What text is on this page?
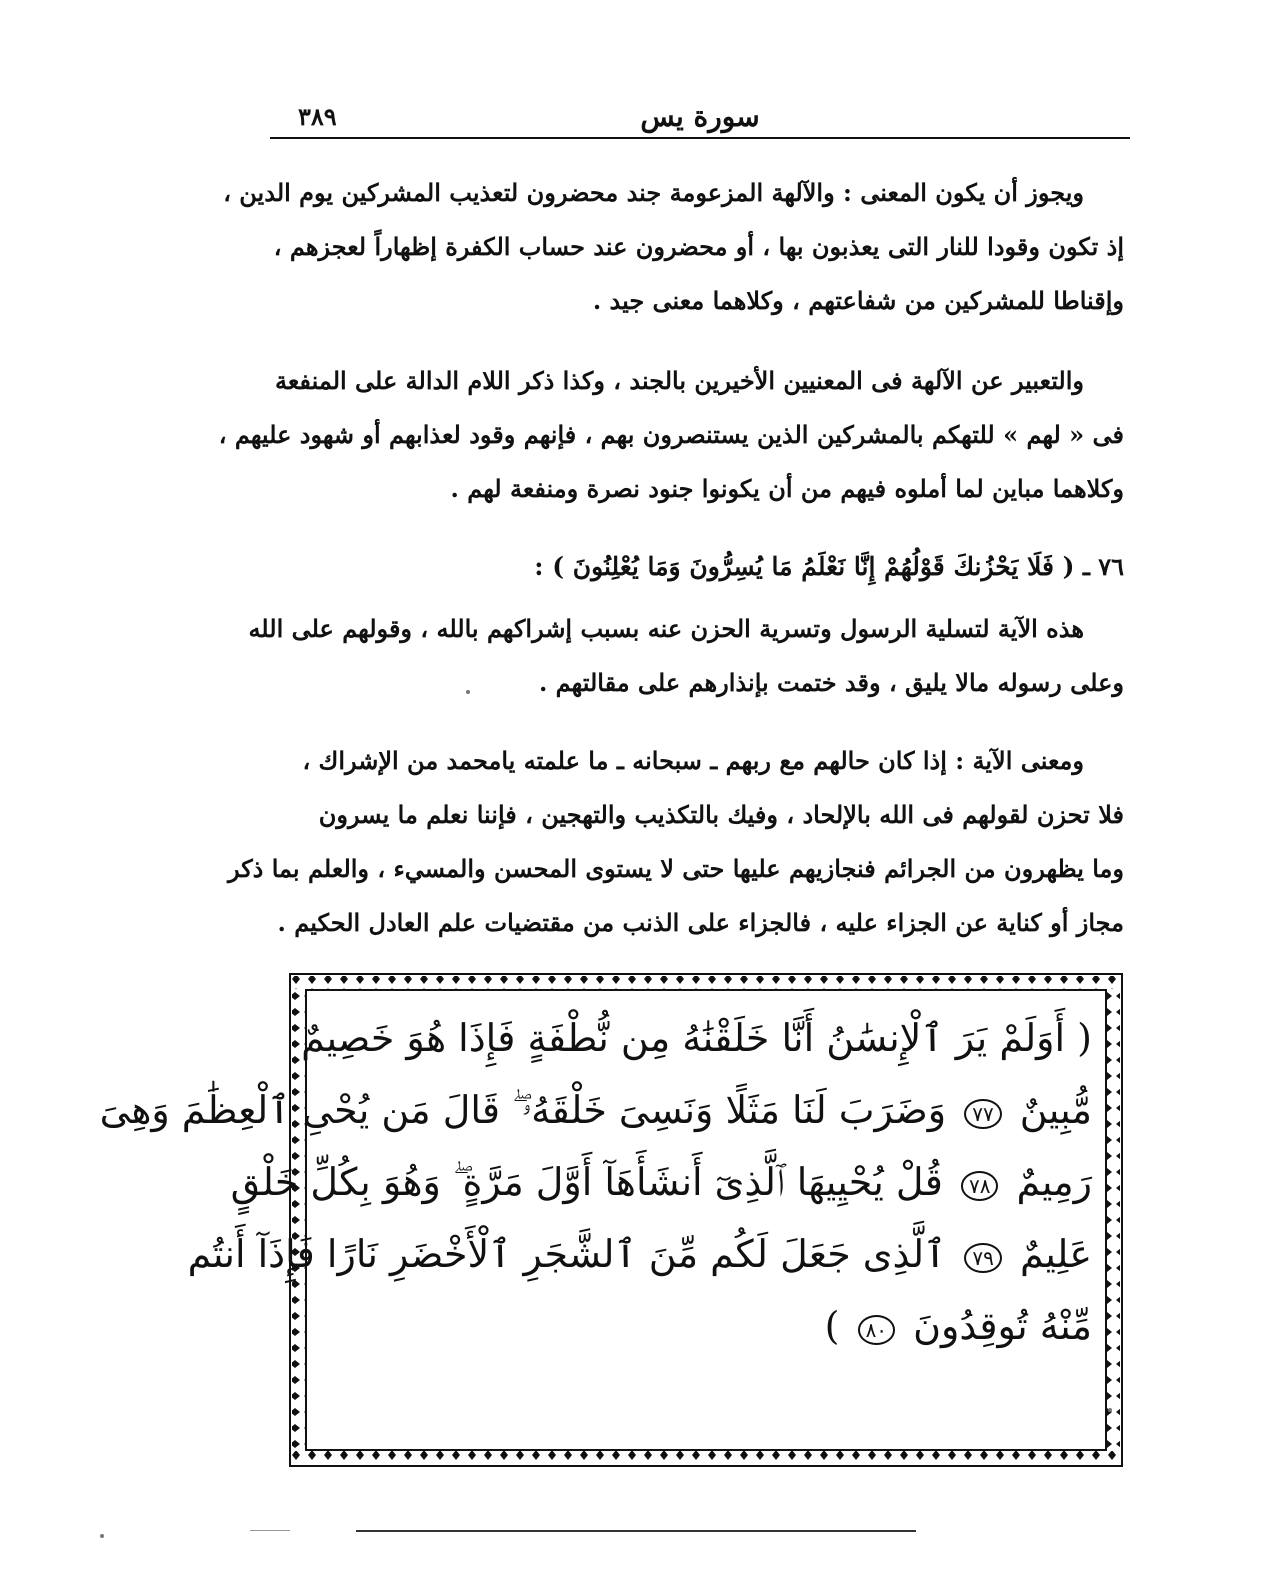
٣٨٩	سورة يس
ويجوز أن يكون المعنى : والآلهة المزعومة جند محضرون لتعذيب المشركين يوم الدين ،
إذ تكون وقودا للنار التى يعذبون بها ، أو محضرون عند حساب الكفرة إظهاراً لعجزهم ،
وإقناطا للمشركين من شفاعتهم ، وكلاهما معنى جيد .
والتعبير عن الآلهة فى المعنيين الأخيرين بالجند ، وكذا ذكر اللام الدالة على المنفعة
فى « لهم » للتهكم بالمشركين الذين يستنصرون بهم ، فإنهم وقود لعذابهم أو شهود عليهم ،
وكلاهما مباين لما أملوه فيهم من أن يكونوا جنود نصرة ومنفعة لهم .
٧٦ ـ ( فَلَا يَحْزُنكَ قَوْلُهُمْ إِنَّا نَعْلَمُ مَا يُسِرُّونَ وَمَا يُعْلِنُونَ ) :
هذه الآية لتسلية الرسول وتسرية الحزن عنه بسبب إشراكهم بالله ، وقولهم على الله
وعلى رسوله مالا يليق ، وقد ختمت بإنذارهم على مقالتهم .
ومعنى الآية : إذا كان حالهم مع ربهم ـ سبحانه ـ ما علمته يامحمد من الإشراك ،
فلا تحزن لقولهم فى الله بالإلحاد ، وفيك بالتكذيب والتهجين ، فإننا نعلم ما يسرون
وما يظهرون من الجرائم فنجازيهم عليها حتى لا يستوى المحسن والمسيء ، والعلم بما ذكر
مجاز أو كناية عن الجزاء عليه ، فالجزاء على الذنب من مقتضيات علم العادل الحكيم .
( أَوَلَمْ يَرَ ٱلْإِنسَٰنُ أَنَّا خَلَقْنَٰهُ مِن نُّطْفَةٍ فَإِذَا هُوَ خَصِيمٌ
مُّبِينٌ ٧٧ وَضَرَبَ لَنَا مَثَلًا وَنَسِىَ خَلْقَهُۥ ۖ قَالَ مَن يُحْىِ ٱلْعِظَٰمَ وَهِىَ
رَمِيمٌ ٧٨ قُلْ يُحْيِيهَا ٱلَّذِىٓ أَنشَأَهَآ أَوَّلَ مَرَّةٍ ۖ وَهُوَ بِكُلِّ خَلْقٍ
عَلِيمٌ ٧٩ ٱلَّذِى جَعَلَ لَكُم مِّنَ ٱلشَّجَرِ ٱلْأَخْضَرِ نَارًا فَإِذَآ أَنتُم
مِّنْهُ تُوقِدُونَ ٨٠ )
